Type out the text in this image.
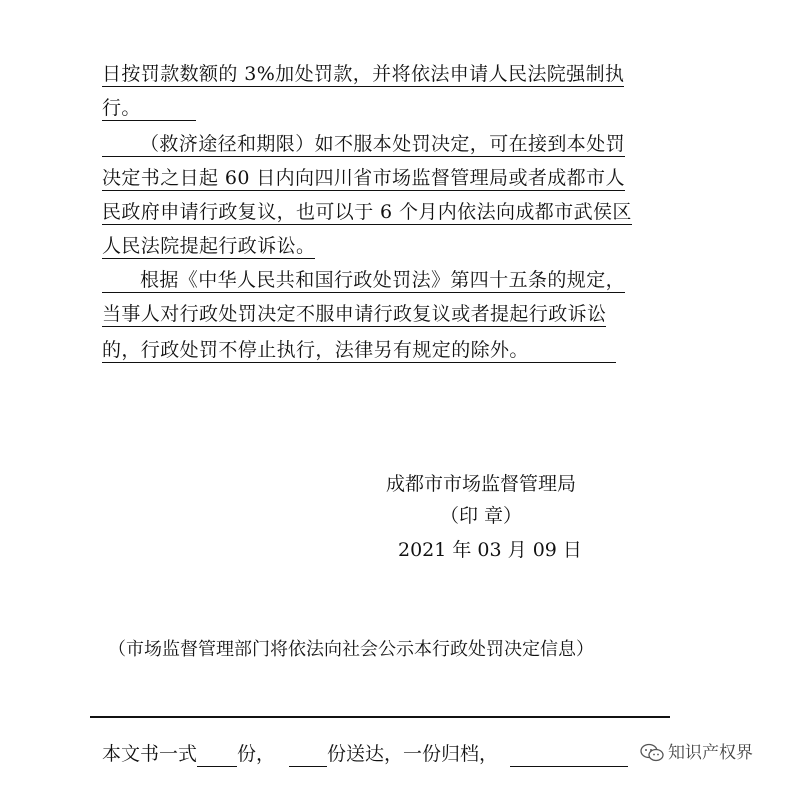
日按罚款数额的 3%加处罚款，并将依法申请人民法院强制执
行。
（救济途径和期限）如不服本处罚决定，可在接到本处罚
决定书之日起 60 日内向四川省市场监督管理局或者成都市人
民政府申请行政复议，也可以于 6 个月内依法向成都市武侯区
人民法院提起行政诉讼。
根据《中华人民共和国行政处罚法》第四十五条的规定，
当事人对行政处罚决定不服申请行政复议或者提起行政诉讼
的，行政处罚不停止执行，法律另有规定的除外。
成都市市场监督管理局
（印 章）
2021 年 03 月 09 日
（市场监督管理部门将依法向社会公示本行政处罚决定信息）
本文书一式 份，	份送达，一份归档，	知识产权界
